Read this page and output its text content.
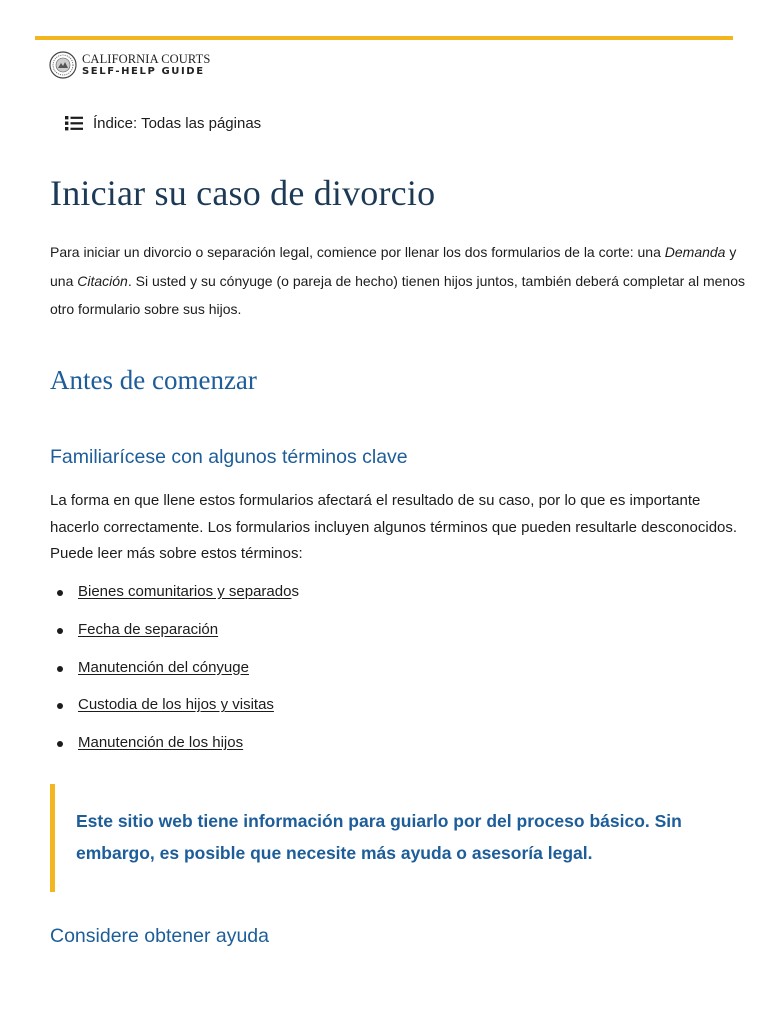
CALIFORNIA COURTS
SELF-HELP GUIDE
Índice: Todas las páginas
Iniciar su caso de divorcio

Para iniciar un divorcio o separación legal, comience por llenar los dos formularios de la corte: una Demanda y una Citación. Si usted y su cónyuge (o pareja de hecho) tienen hijos juntos, también deberá completar al menos otro formulario sobre sus hijos.

Antes de comenzar
Familiarícese con algunos términos clave

La forma en que llene estos formularios afectará el resultado de su caso, por lo que es importante hacerlo correctamente. Los formularios incluyen algunos términos que pueden resultarle desconocidos. Puede leer más sobre estos términos:

Bienes comunitarios y separados
Fecha de separación
Manutención del cónyuge
Custodia de los hijos y visitas
Manutención de los hijos

Este sitio web tiene información para guiarlo por del proceso básico. Sin embargo, es posible que necesite más ayuda o asesoría legal.

Considere obtener ayuda
